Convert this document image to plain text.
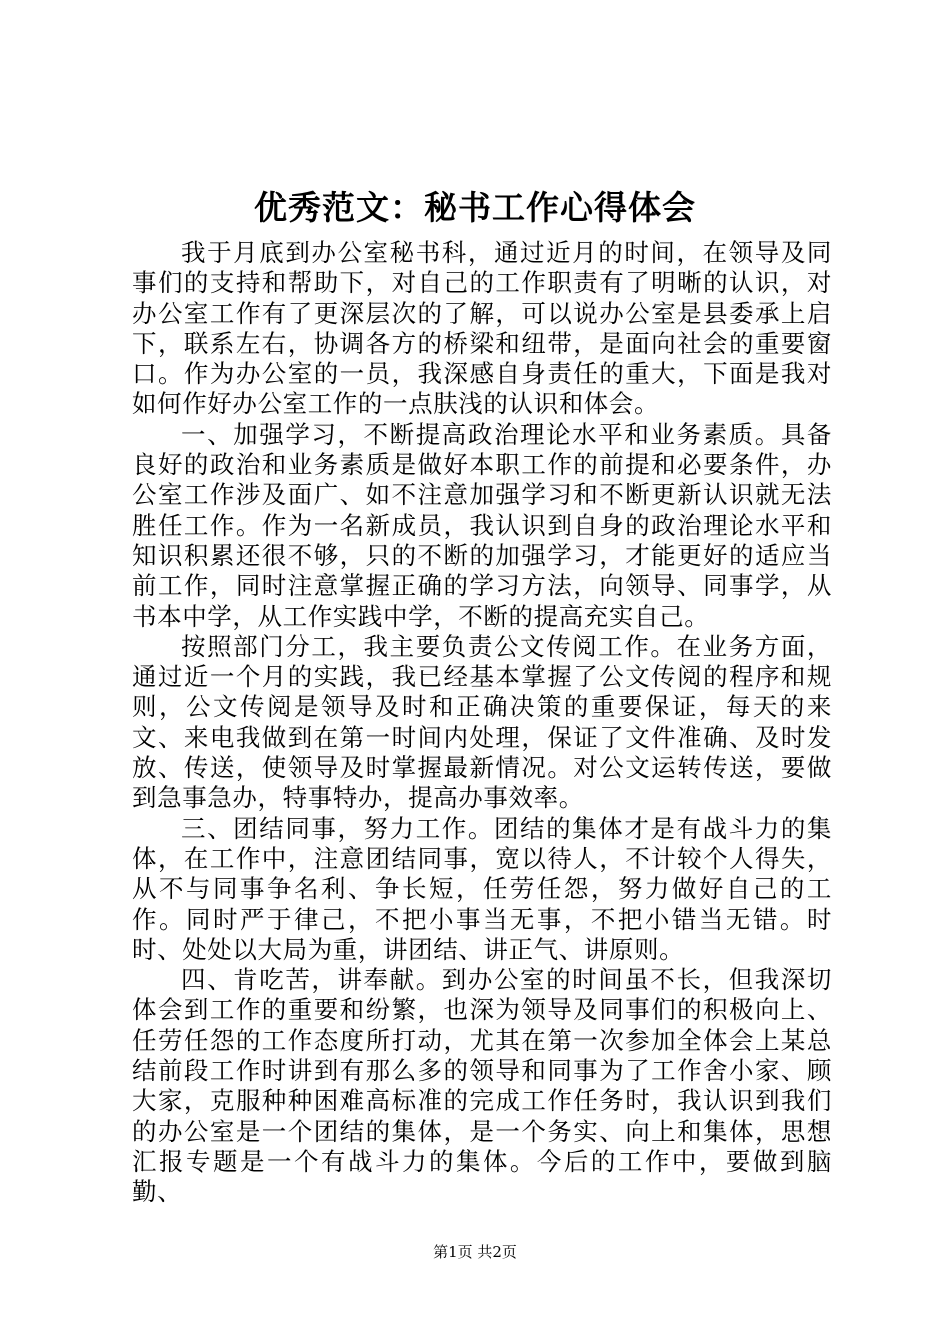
优秀范文：秘书工作心得体会

我于月底到办公室秘书科，通过近月的时间，在领导及同事们的支持和帮助下，对自己的工作职责有了明晰的认识，对办公室工作有了更深层次的了解，可以说办公室是县委承上启下，联系左右，协调各方的桥梁和纽带，是面向社会的重要窗口。作为办公室的一员，我深感自身责任的重大，下面是我对如何作好办公室工作的一点肤浅的认识和体会。

一、加强学习，不断提高政治理论水平和业务素质。具备良好的政治和业务素质是做好本职工作的前提和必要条件，办公室工作涉及面广、如不注意加强学习和不断更新认识就无法胜任工作。作为一名新成员，我认识到自身的政治理论水平和知识积累还很不够，只的不断的加强学习，才能更好的适应当前工作，同时注意掌握正确的学习方法，向领导、同事学，从书本中学，从工作实践中学，不断的提高充实自己。

按照部门分工，我主要负责公文传阅工作。在业务方面，通过近一个月的实践，我已经基本掌握了公文传阅的程序和规则，公文传阅是领导及时和正确决策的重要保证，每天的来文、来电我做到在第一时间内处理，保证了文件准确、及时发放、传送，使领导及时掌握最新情况。对公文运转传送，要做到急事急办，特事特办，提高办事效率。

三、团结同事，努力工作。团结的集体才是有战斗力的集体，在工作中，注意团结同事，宽以待人，不计较个人得失，从不与同事争名利、争长短，任劳任怨，努力做好自己的工作。同时严于律己，不把小事当无事，不把小错当无错。时时、处处以大局为重，讲团结、讲正气、讲原则。

四、肯吃苦，讲奉献。到办公室的时间虽不长，但我深切体会到工作的重要和纷繁，也深为领导及同事们的积极向上、任劳任怨的工作态度所打动，尤其在第一次参加全体会上某总结前段工作时讲到有那么多的领导和同事为了工作舍小家、顾大家，克服种种困难高标准的完成工作任务时，我认识到我们的办公室是一个团结的集体，是一个务实、向上和集体，思想汇报专题是一个有战斗力的集体。今后的工作中，要做到脑勤、

第1页 共2页
